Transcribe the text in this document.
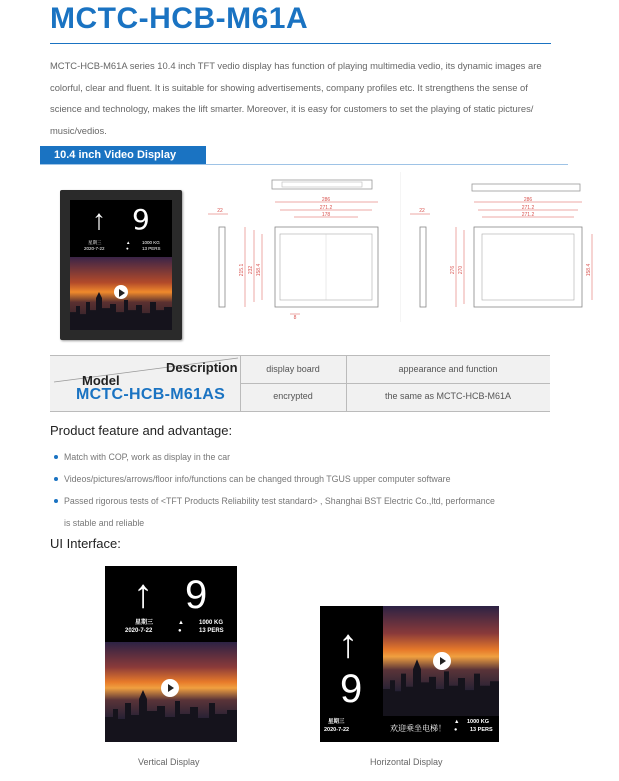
MCTC-HCB-M61A

MCTC-HCB-M61A series 10.4 inch TFT vedio display has function of playing multimedia vedio, its dynamic images are colorful, clear and fluent. It is suitable for showing advertisements, company profiles etc. It strengthens the sense of science and technology, makes the lift smarter. Moreover, it is easy for customers to set the playing of static pictures/ music/vedios.

10.4 inch Video Display
↑ 9
星期三
2020-7-22
▲
●
1000 KG
13 PERS
286
271.2
178
215.1 232 158.4
22
8
286
271.2
271.2
276 270	158.4
22
Description
Model
MCTC-HCB-M61AS
display board	appearance and function
encrypted	the same as MCTC-HCB-M61A
Product feature and advantage:
Match with COP, work as display in the car
Videos/pictures/arrows/floor info/functions can be changed through TGUS upper computer software
Passed rigorous tests of <TFT Products Reliability test standard> , Shanghai BST Electric Co.,ltd, performance
is stable and reliable
UI Interface:
↑ 9
星期三
2020-7-22
▲
●
1000 KG
13 PERS
Vertical Display
↑
9
星期三
2020-7-22	欢迎乘坐电梯！
▲
●
1000 KG
13 PERS
Horizontal Display
